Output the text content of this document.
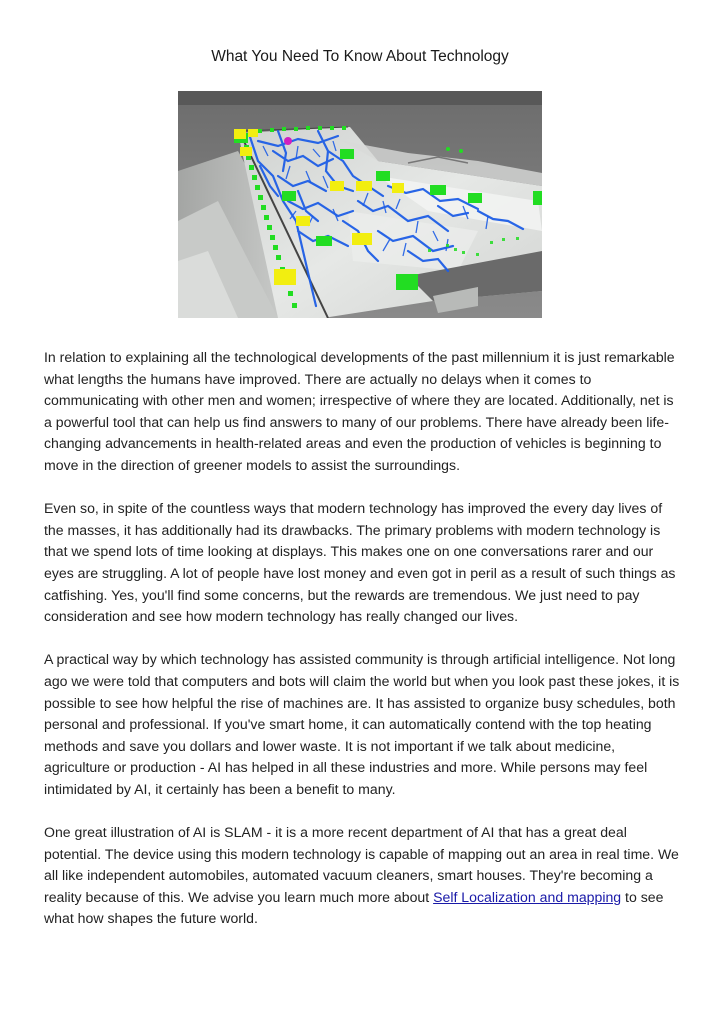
What You Need To Know About Technology

In relation to explaining all the technological developments of the past millennium it is just remarkable what lengths the humans have improved. There are actually no delays when it comes to communicating with other men and women; irrespective of where they are located. Additionally, net is a powerful tool that can help us find answers to many of our problems. There have already been life-changing advancements in health-related areas and even the production of vehicles is beginning to move in the direction of greener models to assist the surroundings.

Even so, in spite of the countless ways that modern technology has improved the every day lives of the masses, it has additionally had its drawbacks. The primary problems with modern technology is that we spend lots of time looking at displays. This makes one on one conversations rarer and our eyes are struggling. A lot of people have lost money and even got in peril as a result of such things as catfishing. Yes, you'll find some concerns, but the rewards are tremendous. We just need to pay consideration and see how modern technology has really changed our lives.

A practical way by which technology has assisted community is through artificial intelligence. Not long ago we were told that computers and bots will claim the world but when you look past these jokes, it is possible to see how helpful the rise of machines are. It has assisted to organize busy schedules, both personal and professional. If you've smart home, it can automatically contend with the top heating methods and save you dollars and lower waste. It is not important if we talk about medicine, agriculture or production - AI has helped in all these industries and more. While persons may feel intimidated by AI, it certainly has been a benefit to many.

One great illustration of AI is SLAM - it is a more recent department of AI that has a great deal potential. The device using this modern technology is capable of mapping out an area in real time. We all like independent automobiles, automated vacuum cleaners, smart houses. They're becoming a reality because of this. We advise you learn much more about Self Localization and mapping to see what how shapes the future world.
